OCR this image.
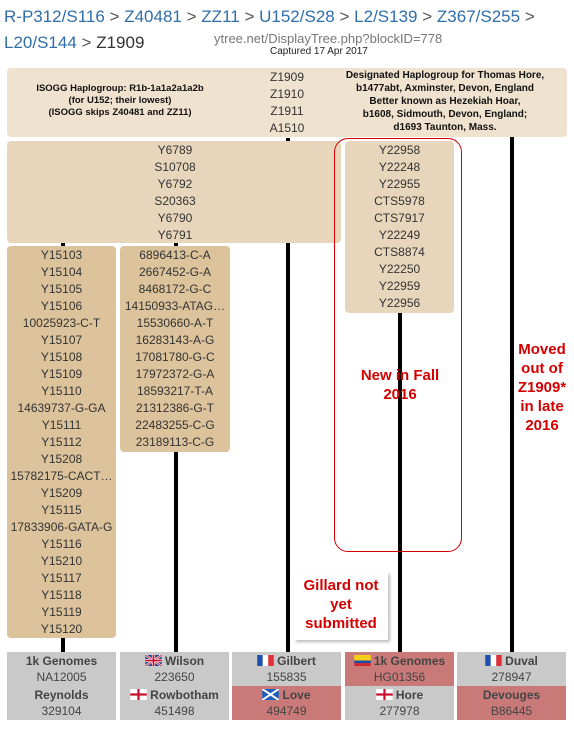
R-P312/S116 > Z40481 > ZZ11 > U152/S28 > L2/S139 > Z367/S255 >
L20/S144 > Z1909	ytree.net/DisplayTree.php?blockID=778
Captured 17 Apr 2017
ISOGG Haplogroup: R1b-1a1a2a1a2b
(for U152; their lowest)
(ISOGG skips Z40481 and ZZ11)
Z1909
Z1910
Z1911
A1510
Designated Haplogroup for Thomas Hore,
b1477abt, Axminster, Devon, England
Better known as Hezekiah Hoar,
b1608, Sidmouth, Devon, England;
d1693 Taunton, Mass.
Y6789
S10708
Y6792
S20363
Y6790
Y6791
Y22958
Y22248
Y22955
CTS5978
CTS7917
Y22249
CTS8874
Y22250
Y22959
Y22956
Y15103
Y15104
Y15105
Y15106
10025923-C-T
Y15107
Y15108
Y15109
Y15110
14639737-G-GA
Y15111
Y15112
Y15208
15782175-CACT…
Y15209
Y15115
17833906-GATA-G
Y15116
Y15210
Y15117
Y15118
Y15119
Y15120
6896413-C-A
2667452-G-A
8468172-G-C
14150933-ATAG…
15530660-A-T
16283143-A-G
17081780-G-C
17972372-G-A
18593217-T-A
21312386-G-T
22483255-C-G
23189113-C-G
New in Fall 2016
Moved out of Z1909* in late 2016
Gillard not yet submitted
1k Genomes
NA12005
Reynolds
329104
Wilson
223650
Rowbotham
451498
Gilbert
155835
Love
494749
1k Genomes
HG01356
Hore
277978
Duval
278947
Devouges
B86445
